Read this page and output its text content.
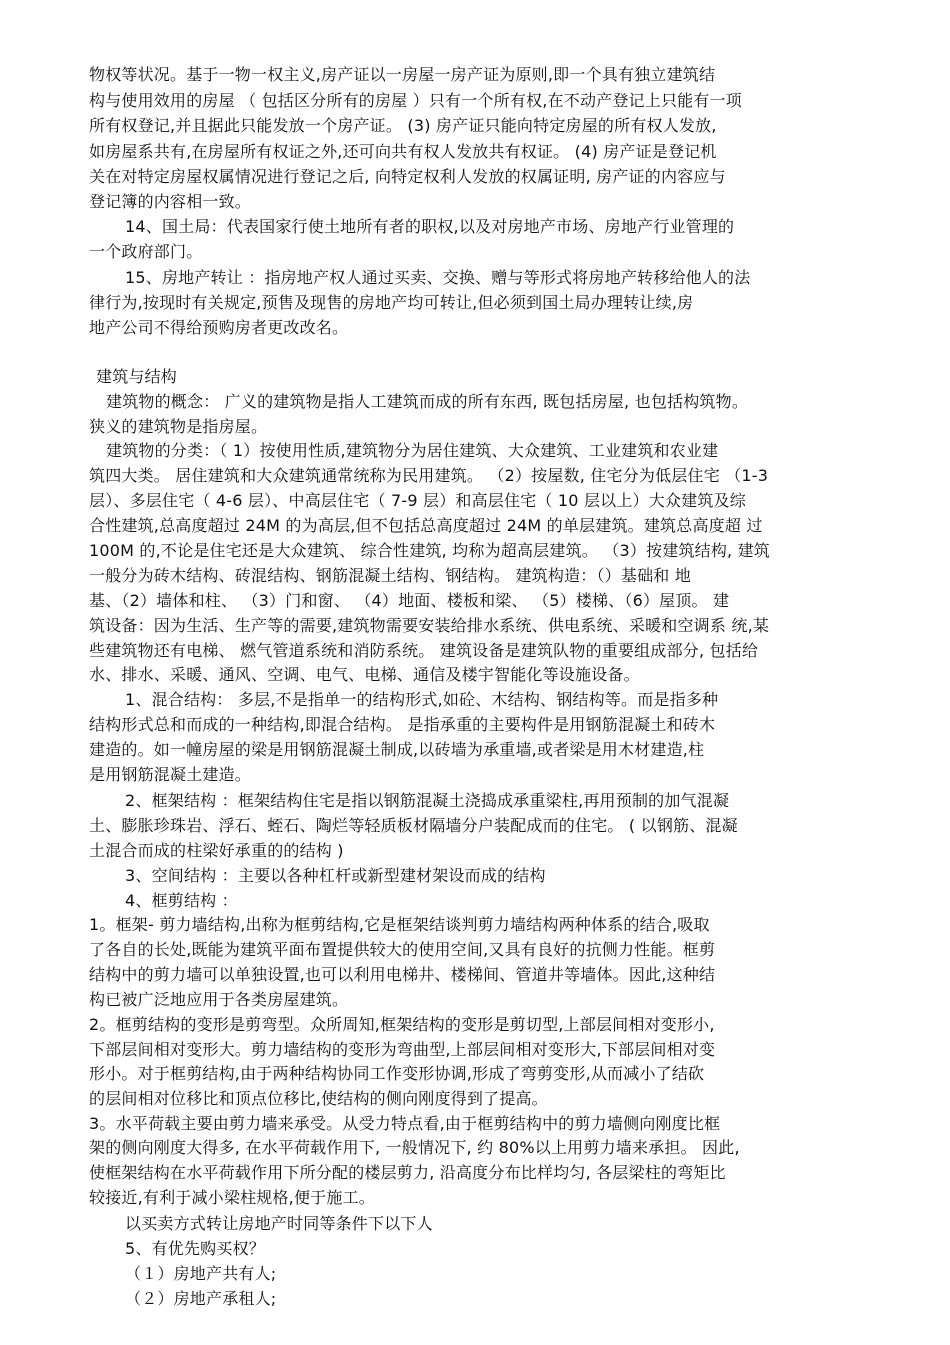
物权等状况。基于一物一权主义,房产证以一房屋一房产证为原则,即一个具有独立建筑结
构与使用效用的房屋 （ 包括区分所有的房屋 ）只有一个所有权,在不动产登记上只能有一项
所有权登记,并且据此只能发放一个房产证。 (3) 房产证只能向特定房屋的所有权人发放,
如房屋系共有,在房屋所有权证之外,还可向共有权人发放共有权证。 (4) 房产证是登记机
关在对特定房屋权属情况进行登记之后, 向特定权利人发放的权属证明, 房产证的内容应与
登记簿的内容相一致。
14、国土局：代表国家行使土地所有者的职权,以及对房地产市场、房地产行业管理的
一个政府部门。
15、房地产转让 ：指房地产权人通过买卖、交换、赠与等形式将房地产转移给他人的法
律行为,按现时有关规定,预售及现售的房地产均可转让,但必须到国土局办理转让续,房
地产公司不得给预购房者更改改名。
建筑与结构
建筑物的概念： 广义的建筑物是指人工建筑而成的所有东西, 既包括房屋, 也包括构筑物。
狭义的建筑物是指房屋。
建筑物的分类：（ 1）按使用性质,建筑物分为居住建筑、大众建筑、工业建筑和农业建
筑四大类。 居住建筑和大众建筑通常统称为民用建筑。 （2）按屋数, 住宅分为低层住宅 （1-3
层）、多层住宅（ 4-6 层）、中高层住宅（ 7-9 层）和高层住宅（ 10 层以上）大众建筑及综
合性建筑,总高度超过 24M 的为高层,但不包括总高度超过 24M 的单层建筑。建筑总高度超 过
100M 的,不论是住宅还是大众建筑、 综合性建筑, 均称为超高层建筑。 （3）按建筑结构, 建筑
一般分为砖木结构、砖混结构、钢筋混凝土结构、钢结构。 建筑构造：（）基础和 地
基、（2）墙体和柱、 （3）门和窗、 （4）地面、楼板和梁、 （5）楼梯、（6）屋顶。 建
筑设备：因为生活、生产等的需要,建筑物需要安装给排水系统、供电系统、采暖和空调系 统,某
些建筑物还有电梯、 燃气管道系统和消防系统。 建筑设备是建筑队物的重要组成部分, 包括给
水、排水、采暖、通风、空调、电气、电梯、通信及楼宇智能化等设施设备。
1、混合结构： 多层,不是指单一的结构形式,如砼、木结构、钢结构等。而是指多种
结构形式总和而成的一种结构,即混合结构。 是指承重的主要构件是用钢筋混凝土和砖木
建造的。如一幢房屋的梁是用钢筋混凝土制成,以砖墙为承重墙,或者梁是用木材建造,柱
是用钢筋混凝土建造。
2、框架结构 ：框架结构住宅是指以钢筋混凝土浇捣成承重梁柱,再用预制的加气混凝
土、膨胀珍珠岩、浮石、蛭石、陶烂等轻质板材隔墙分户装配成而的住宅。 ( 以钢筋、混凝
土混合而成的柱梁好承重的的结构 )
3、空间结构 ：主要以各种杠杆或新型建材架设而成的结构
4、框剪结构 ：
1。框架- 剪力墙结构,出称为框剪结构,它是框架结谈判剪力墙结构两种体系的结合,吸取
了各自的长处,既能为建筑平面布置提供较大的使用空间,又具有良好的抗侧力性能。框剪
结构中的剪力墙可以单独设置,也可以利用电梯井、楼梯间、管道井等墙体。因此,这种结
构已被广泛地应用于各类房屋建筑。
2。框剪结构的变形是剪弯型。众所周知,框架结构的变形是剪切型,上部层间相对变形小,
下部层间相对变形大。剪力墙结构的变形为弯曲型,上部层间相对变形大,下部层间相对变
形小。对于框剪结构,由于两种结构协同工作变形协调,形成了弯剪变形,从而减小了结砍
的层间相对位移比和顶点位移比,使结构的侧向刚度得到了提高。
3。水平荷载主要由剪力墙来承受。从受力特点看,由于框剪结构中的剪力墙侧向刚度比框
架的侧向刚度大得多, 在水平荷载作用下, 一般情况下, 约 80%以上用剪力墙来承担。 因此,
使框架结构在水平荷载作用下所分配的楼层剪力, 沿高度分布比样均匀, 各层梁柱的弯矩比
较接近,有利于减小梁柱规格,便于施工。
以买卖方式转让房地产时同等条件下以下人
5、有优先购买权？
（１）房地产共有人;
（２）房地产承租人;
